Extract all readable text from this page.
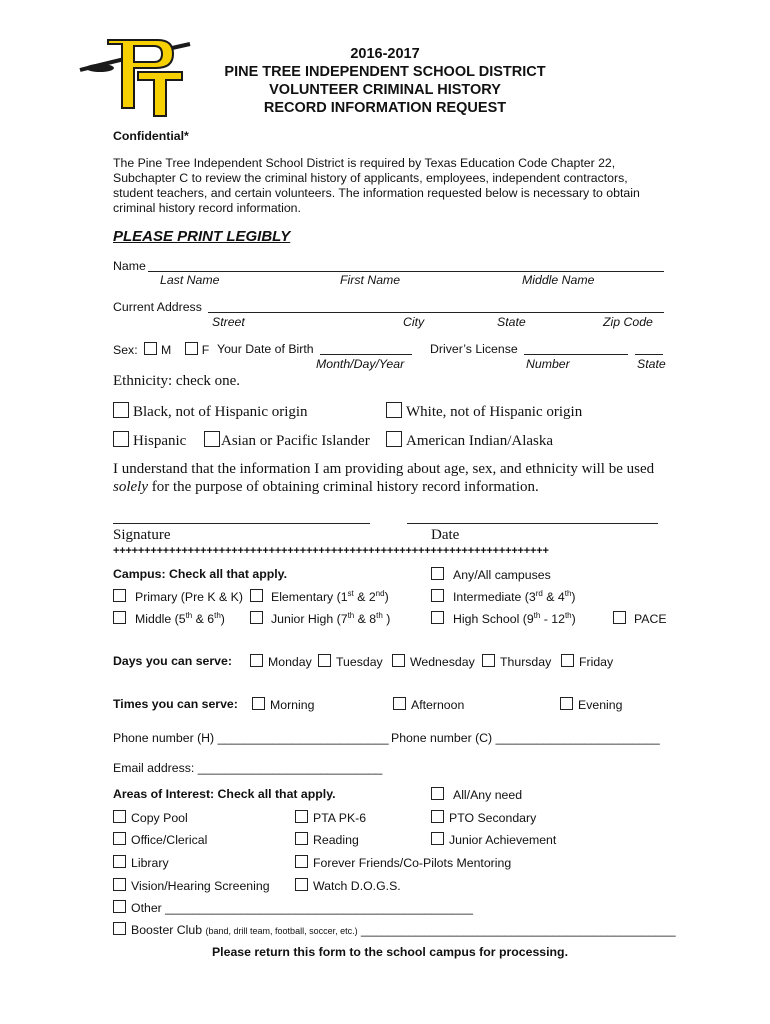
2016-2017
PINE TREE INDEPENDENT SCHOOL DISTRICT
VOLUNTEER CRIMINAL HISTORY
RECORD INFORMATION REQUEST
Confidential*
The Pine Tree Independent School District is required by Texas Education Code Chapter 22,
Subchapter C to review the criminal history of applicants, employees, independent contractors,
student teachers, and certain volunteers. The information requested below is necessary to obtain
criminal history record information.
PLEASE PRINT LEGIBLY
Name
Last Name	First Name	Middle Name
Current Address
Street	City	State	Zip Code
Sex: M F Your Date of Birth
Month/Day/Year
Driver’s License
Number	State
Ethnicity: check one.
Black, not of Hispanic origin	White, not of Hispanic origin
Hispanic	Asian or Pacific Islander	American Indian/Alaska
I understand that the information I am providing about age, sex, and ethnicity will be used
solely for the purpose of obtaining criminal history record information.
Signature	Date
++++++++++++++++++++++++++++++++++++++++++++++++++++++++++++++++++++++
Campus: Check all that apply.	Any/All campuses
Primary (Pre K & K)	Elementary (1st & 2nd)	Intermediate (3rd & 4th)
Middle (5th & 6th)	Junior High (7th & 8th )	High School (9th - 12th)	PACE
Days you can serve:	Monday	Tuesday	Wednesday	Thursday	Friday
Times you can serve:	Morning	Afternoon	Evening
Phone number (H) _________________________ Phone number (C) ________________________
Email address: ___________________________
Areas of Interest: Check all that apply.	All/Any need
Copy Pool	PTA PK-6	PTO Secondary
Office/Clerical	Reading	Junior Achievement
Library	Forever Friends/Co-Pilots Mentoring
Vision/Hearing Screening	Watch D.O.G.S.
Other _____________________________________________
Booster Club (band, drill team, football, soccer, etc.) ______________________________________________
Please return this form to the school campus for processing.
